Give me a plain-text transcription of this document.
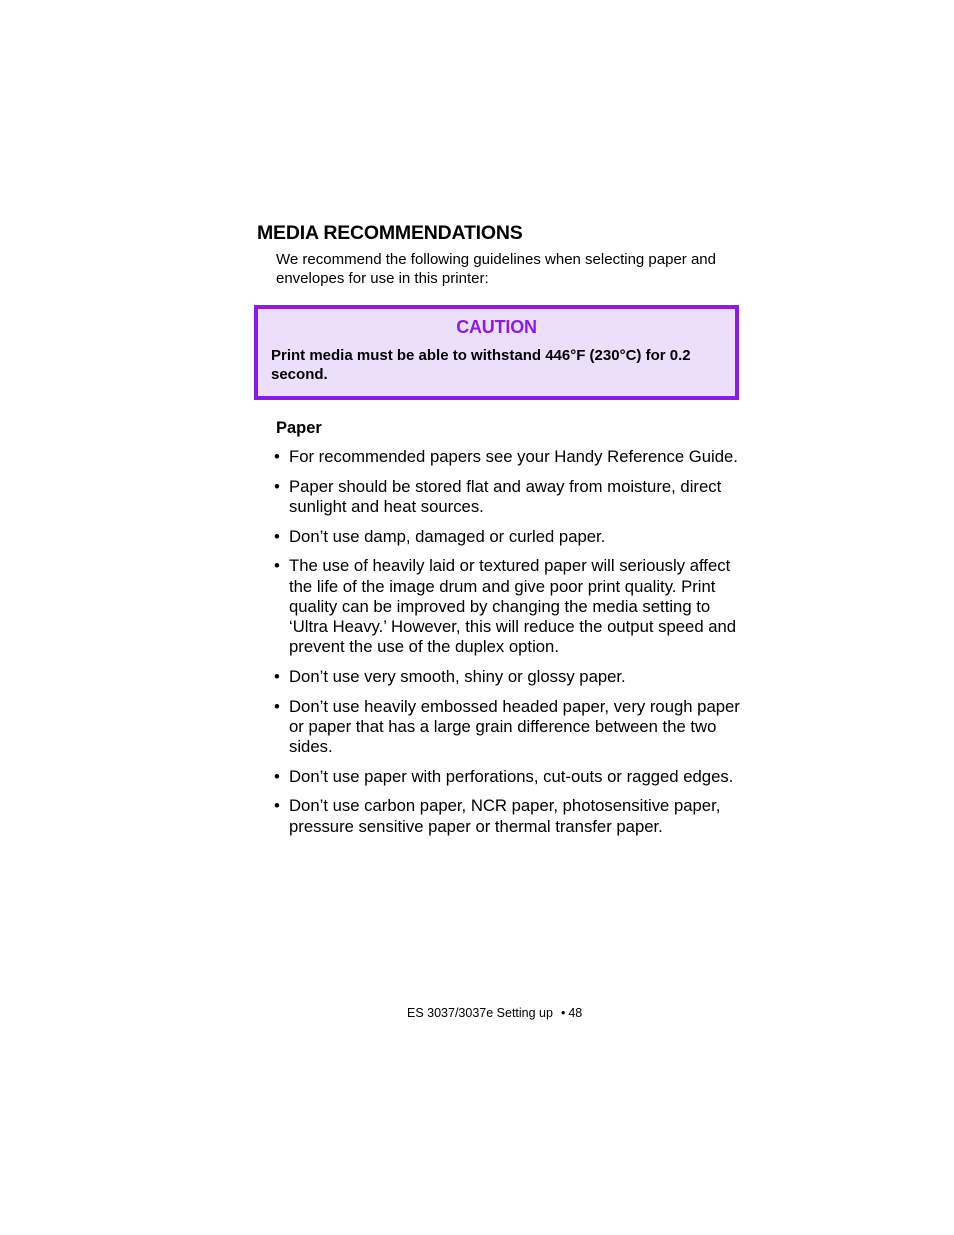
MEDIA RECOMMENDATIONS
We recommend the following guidelines when selecting paper and envelopes for use in this printer:
CAUTION
Print media must be able to withstand 446°F (230°C) for 0.2 second.
Paper
• For recommended papers see your Handy Reference Guide.
• Paper should be stored flat and away from moisture, direct sunlight and heat sources.
• Don’t use damp, damaged or curled paper.
• The use of heavily laid or textured paper will seriously affect the life of the image drum and give poor print quality. Print quality can be improved by changing the media setting to ‘Ultra Heavy.’ However, this will reduce the output speed and prevent the use of the duplex option.
• Don’t use very smooth, shiny or glossy paper.
• Don’t use heavily embossed headed paper, very rough paper or paper that has a large grain difference between the two sides.
• Don’t use paper with perforations, cut-outs or ragged edges.
• Don’t use carbon paper, NCR paper, photosensitive paper, pressure sensitive paper or thermal transfer paper.
ES 3037/3037e Setting up • 48
